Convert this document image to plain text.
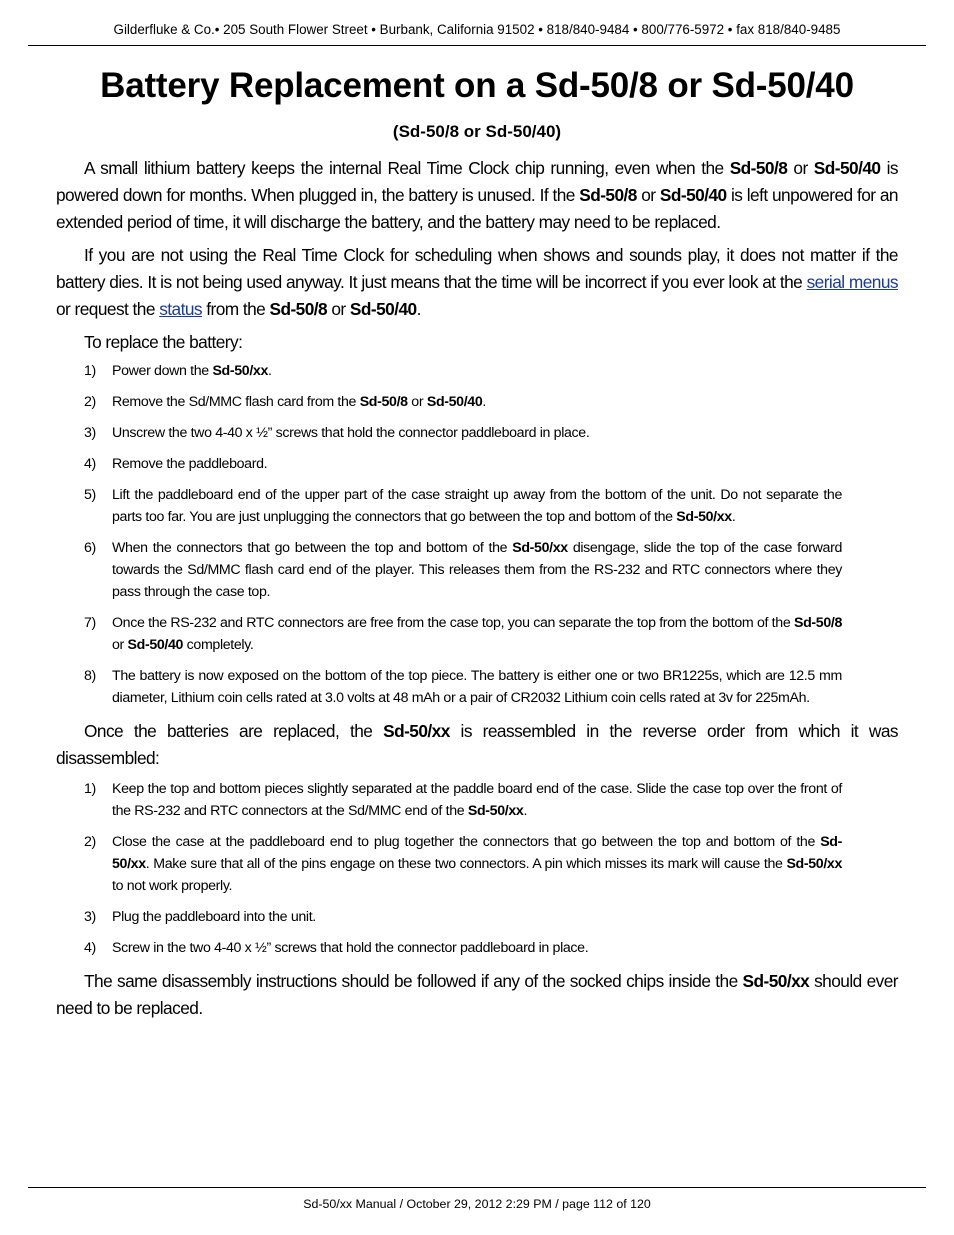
Gilderfluke & Co.• 205 South Flower Street • Burbank, California 91502 • 818/840-9484 • 800/776-5972 • fax 818/840-9485
Battery Replacement on a Sd-50/8 or Sd-50/40
(Sd-50/8 or Sd-50/40)

A small lithium battery keeps the internal Real Time Clock chip running, even when the Sd-50/8 or Sd-50/40 is powered down for months. When plugged in, the battery is unused. If the Sd-50/8 or Sd-50/40 is left unpowered for an extended period of time, it will discharge the battery, and the battery may need to be replaced.

If you are not using the Real Time Clock for scheduling when shows and sounds play, it does not matter if the battery dies. It is not being used anyway. It just means that the time will be incorrect if you ever look at the serial menus or request the status from the Sd-50/8 or Sd-50/40.

To replace the battery:

1)	Power down the Sd-50/xx.
2)	Remove the Sd/MMC flash card from the Sd-50/8 or Sd-50/40.
3)	Unscrew the two 4-40 x ½” screws that hold the connector paddleboard in place.
4)	Remove the paddleboard.
5)	Lift the paddleboard end of the upper part of the case straight up away from the bottom of the unit. Do not separate the parts too far. You are just unplugging the connectors that go between the top and bottom of the Sd-50/xx.
6)	When the connectors that go between the top and bottom of the Sd-50/xx disengage, slide the top of the case forward towards the Sd/MMC flash card end of the player. This releases them from the RS-232 and RTC connectors where they pass through the case top.
7)	Once the RS-232 and RTC connectors are free from the case top, you can separate the top from the bottom of the Sd-50/8 or Sd-50/40 completely.
8)	The battery is now exposed on the bottom of the top piece. The battery is either one or two BR1225s, which are 12.5 mm diameter, Lithium coin cells rated at 3.0 volts at 48 mAh or a pair of CR2032 Lithium coin cells rated at 3v for 225mAh.

Once the batteries are replaced, the Sd-50/xx is reassembled in the reverse order from which it was disassembled:

1)	Keep the top and bottom pieces slightly separated at the paddle board end of the case. Slide the case top over the front of the RS-232 and RTC connectors at the Sd/MMC end of the Sd-50/xx.
2)	Close the case at the paddleboard end to plug together the connectors that go between the top and bottom of the Sd-50/xx. Make sure that all of the pins engage on these two connectors. A pin which misses its mark will cause the Sd-50/xx to not work properly.
3)	Plug the paddleboard into the unit.
4)	Screw in the two 4-40 x ½” screws that hold the connector paddleboard in place.

The same disassembly instructions should be followed if any of the socked chips inside the Sd-50/xx should ever need to be replaced.

Sd-50/xx Manual / October 29, 2012 2:29 PM / page 112 of 120
